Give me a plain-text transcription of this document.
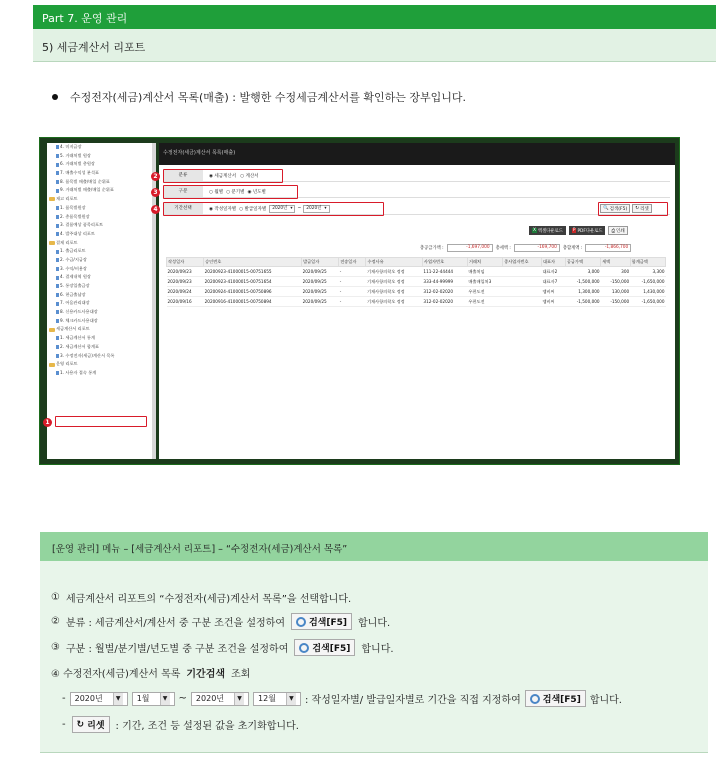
Part 7. 운영 관리
5) 세금계산서 리포트
수정전자(세금)계산서 목록(매출) : 발행한 수정세금계산서를 확인하는 장부입니다.
4. 미지급장
5. 거래처별 원장
6. 거래처별 총원장
7. 매출수익성 분석표
8. 품목별 매출/매입 순위표
9. 거래처별 매출/매입 순위표
재고 리포트
1. 품목별원장
2. 총품목별원장
3. 결품예상 품목리포트
4. 발주대상 리포트
결제 리포트
1. 출금리포트
2. 수금/지급장
3. 수익/비용장
4. 결제내역 원장
5. 통장입출금장
6. 현금출납장
7. 어음관리대장
8. 신용카드사용대장
9. 체크카드사용대장
세금계산서 리포트
1. 세금계산서 통계
2. 세금계산서 합계표
3. 수정전자(세금)계산서 목록
운영 리포트
1. 사용자 접속 통계
수정전자(세금)계산서 목록(매출)
분류	◉ 세금계산서 ○ 계산서
구분	○ 월별 ○ 분기별 ◉ 년도별
기간선택	◉ 작성일자별 ○ 발급일자별 2020년 ▾	~ 2020년 ▾	🔍 검색(F5) ↻ 리셋
X 엑셀다운로드 P PDF다운로드 ⎙ 인쇄
총공급가액 :	-1,697,000	총세액 :	-169,700	총합계액 :	-1,866,700
작성일자	승인번호	발급일자	전송일자	수정사유	사업자번호	거래처	종사업자번호	대표자	공급가액	세액	합계금액
2020/09/23	20200923-41000015-00751655	2020/09/25	-	기재사항의착오 정정	111-22-44444	매출처임		대표자2	3,000	300	3,300
2020/09/23	20200923-41000015-00751654	2020/09/25	-	기재사항의착오 정정	333-44-99999	매출매입처3		대표자7	-1,500,000	-150,000	-1,650,000
2020/09/24	20200924-41000015-00750896	2020/09/25	-	기재사항의착오 정정	312-02-02020	우편도전		앰비씨	1,300,000	130,000	1,430,000
2020/09/16	20200916-41000015-00750894	2020/09/25	-	기재사항의착오 정정	312-02-02020	우편도전		앰비씨	-1,500,000	-150,000	-1,650,000
2
3
4
1
[운영 관리] 메뉴 – [세금계산서 리포트] – “수정전자(세금)계산서 목록”
① 세금계산서 리포트의 “수정전자(세금)계산서 목록”을 선택합니다.
② 분류 : 세금계산서/계산서 중 구분 조건을 설정하여	검색[F5] 합니다.
③ 구분 : 월별/분기별/년도별 중 구분 조건을 설정하여	검색[F5] 합니다.
④ 수정전자(세금)계산서 목록 기간검색 조회
- 2020년	▼ 1월	▼ ~ 2020년	▼ 12월	▼ : 작성일자별/ 발급일자별로 기간을 직접 지정하여 검색[F5] 합니다.
- ↻ 리셋 : 기간, 조건 등 설정된 값을 초기화합니다.
